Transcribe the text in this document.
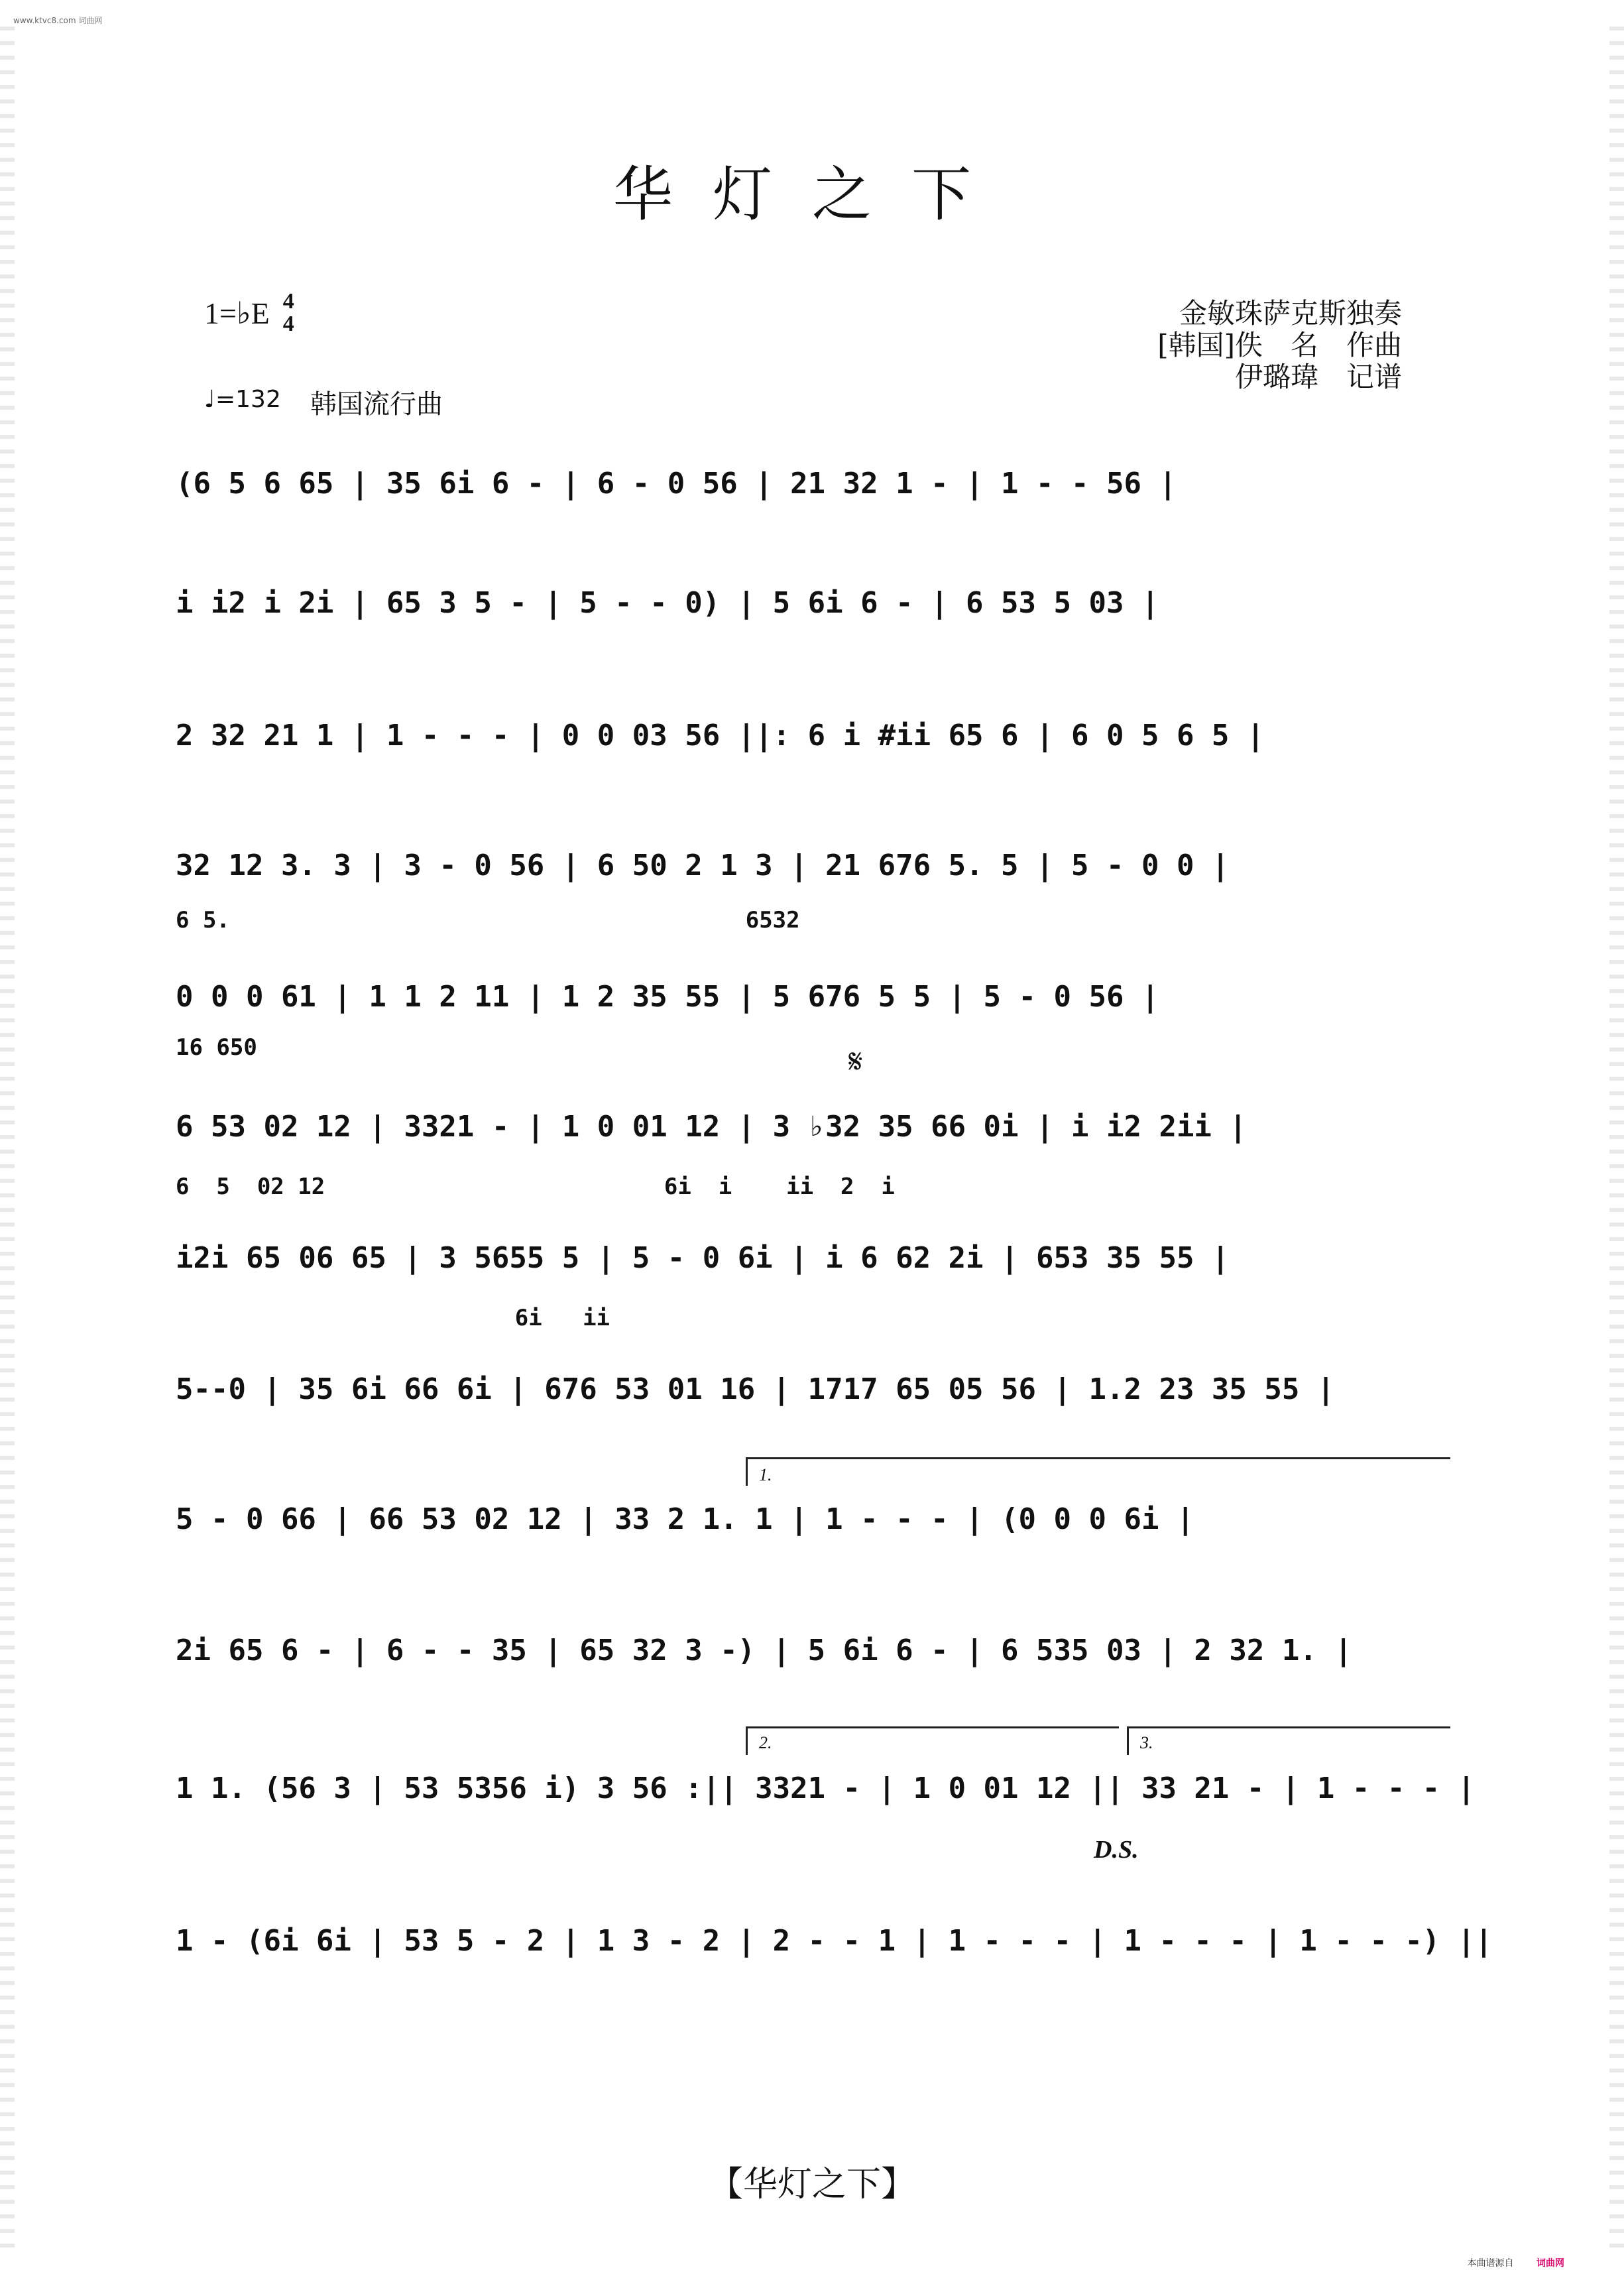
www.ktvc8.com 词曲网
华灯之下
1=♭E 4
4
♩=132 韩国流行曲
金敏珠萨克斯独奏
[韩国]佚　名　作曲
伊璐瑋　记谱
(6 5 6 65 | 35 6i 6 - | 6 - 0 56 | 21 32 1 - | 1 - - 56 |
i i2 i 2i | 65 3 5 - | 5 - - 0) | 5 6i 6 - | 6 53 5 03 |
2 32 21 1 | 1 - - - | 0 0 03 56 ||: 6 i #ii 65 6 | 6 0 5 6 5 |
32 12 3. 3 | 3 - 0 56 | 6 50 2 1 3 | 21 676 5. 5 | 5 - 0 0 |
6 5.                                      6532
0 0 0 61 | 1 1 2 11 | 1 2 35 55 | 5 676 5 5 | 5 - 0 56 |
16 650	𝄋
6 53 02 12 | 3321 - | 1 0 01 12 | 3 ♭32 35 66 0i | i i2 2ii |
6  5  02 12                         6i  i    ii  2  i
i2i 65 06 65 | 3 5655 5 | 5 - 0 6i | i 6 62 2i | 653 35 55 |
6i   ii
5--0 | 35 6i 66 6i | 676 53 01 16 | 1717 65 05 56 | 1.2 23 35 55 |
1.
5 - 0 66 | 66 53 02 12 | 33 2 1. 1 | 1 - - - | (0 0 0 6i |
2i 65 6 - | 6 - - 35 | 65 32 3 -) | 5 6i 6 - | 6 535 03 | 2 32 1. |
2.	3.
1 1. (56 3 | 53 5356 i) 3 56 :|| 3321 - | 1 0 01 12 || 33 21 - | 1 - - - |
D.S.
1 - (6i 6i | 53 5 - 2 | 1 3 - 2 | 2 - - 1 | 1 - - - | 1 - - - | 1 - - -) ||
【华灯之下】
本曲谱源自 词曲网
